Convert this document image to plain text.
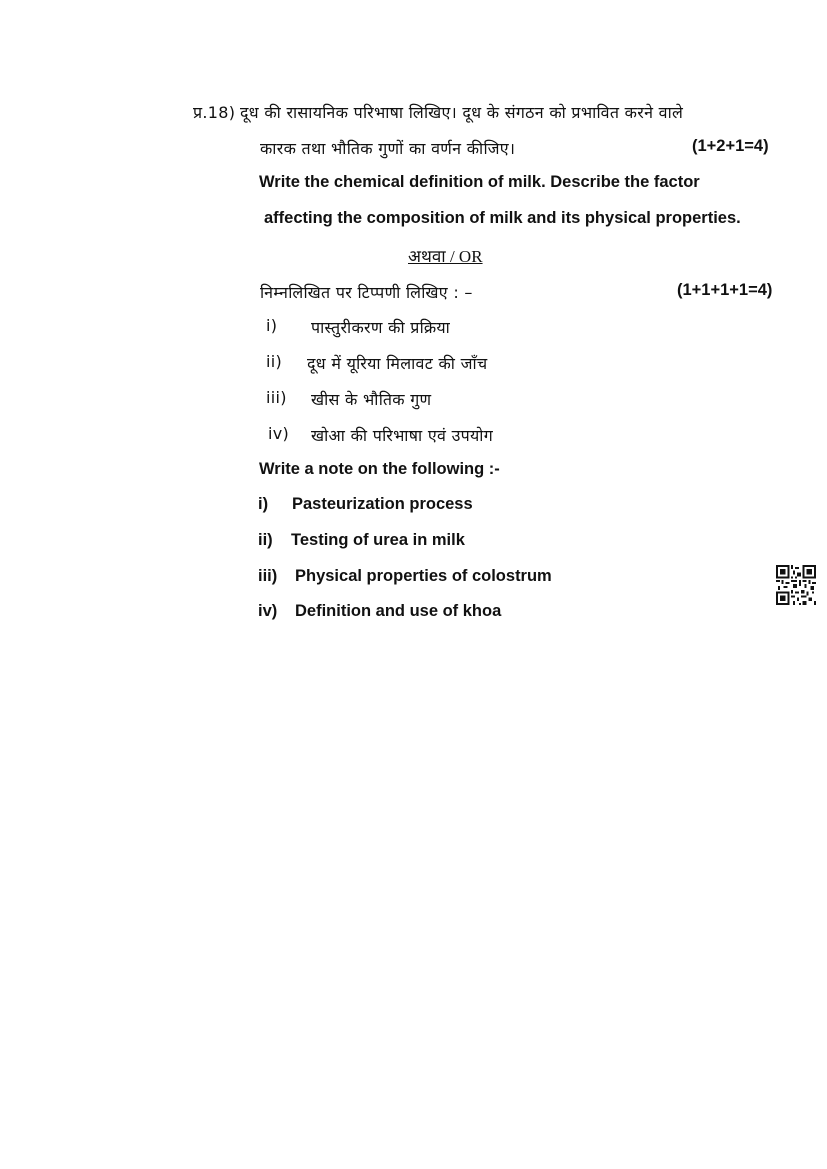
प्र.18) दूध की रासायनिक परिभाषा लिखिए। दूध के संगठन को प्रभावित करने वाले
कारक तथा भौतिक गुणों का वर्णन कीजिए।	(1+2+1=4)
Write the chemical definition of milk. Describe the factor
affecting the composition of milk and its physical properties.
अथवा / OR
निम्नलिखित पर टिप्पणी लिखिए : –	(1+1+1+1=4)
i) पास्तुरीकरण की प्रक्रिया
ii) दूध में यूरिया मिलावट की जाँच
iii) खीस के भौतिक गुण
iv) खोआ की परिभाषा एवं उपयोग
Write a note on the following :-
i) Pasteurization process
ii) Testing of urea in milk
iii) Physical properties of colostrum
iv) Definition and use of khoa
